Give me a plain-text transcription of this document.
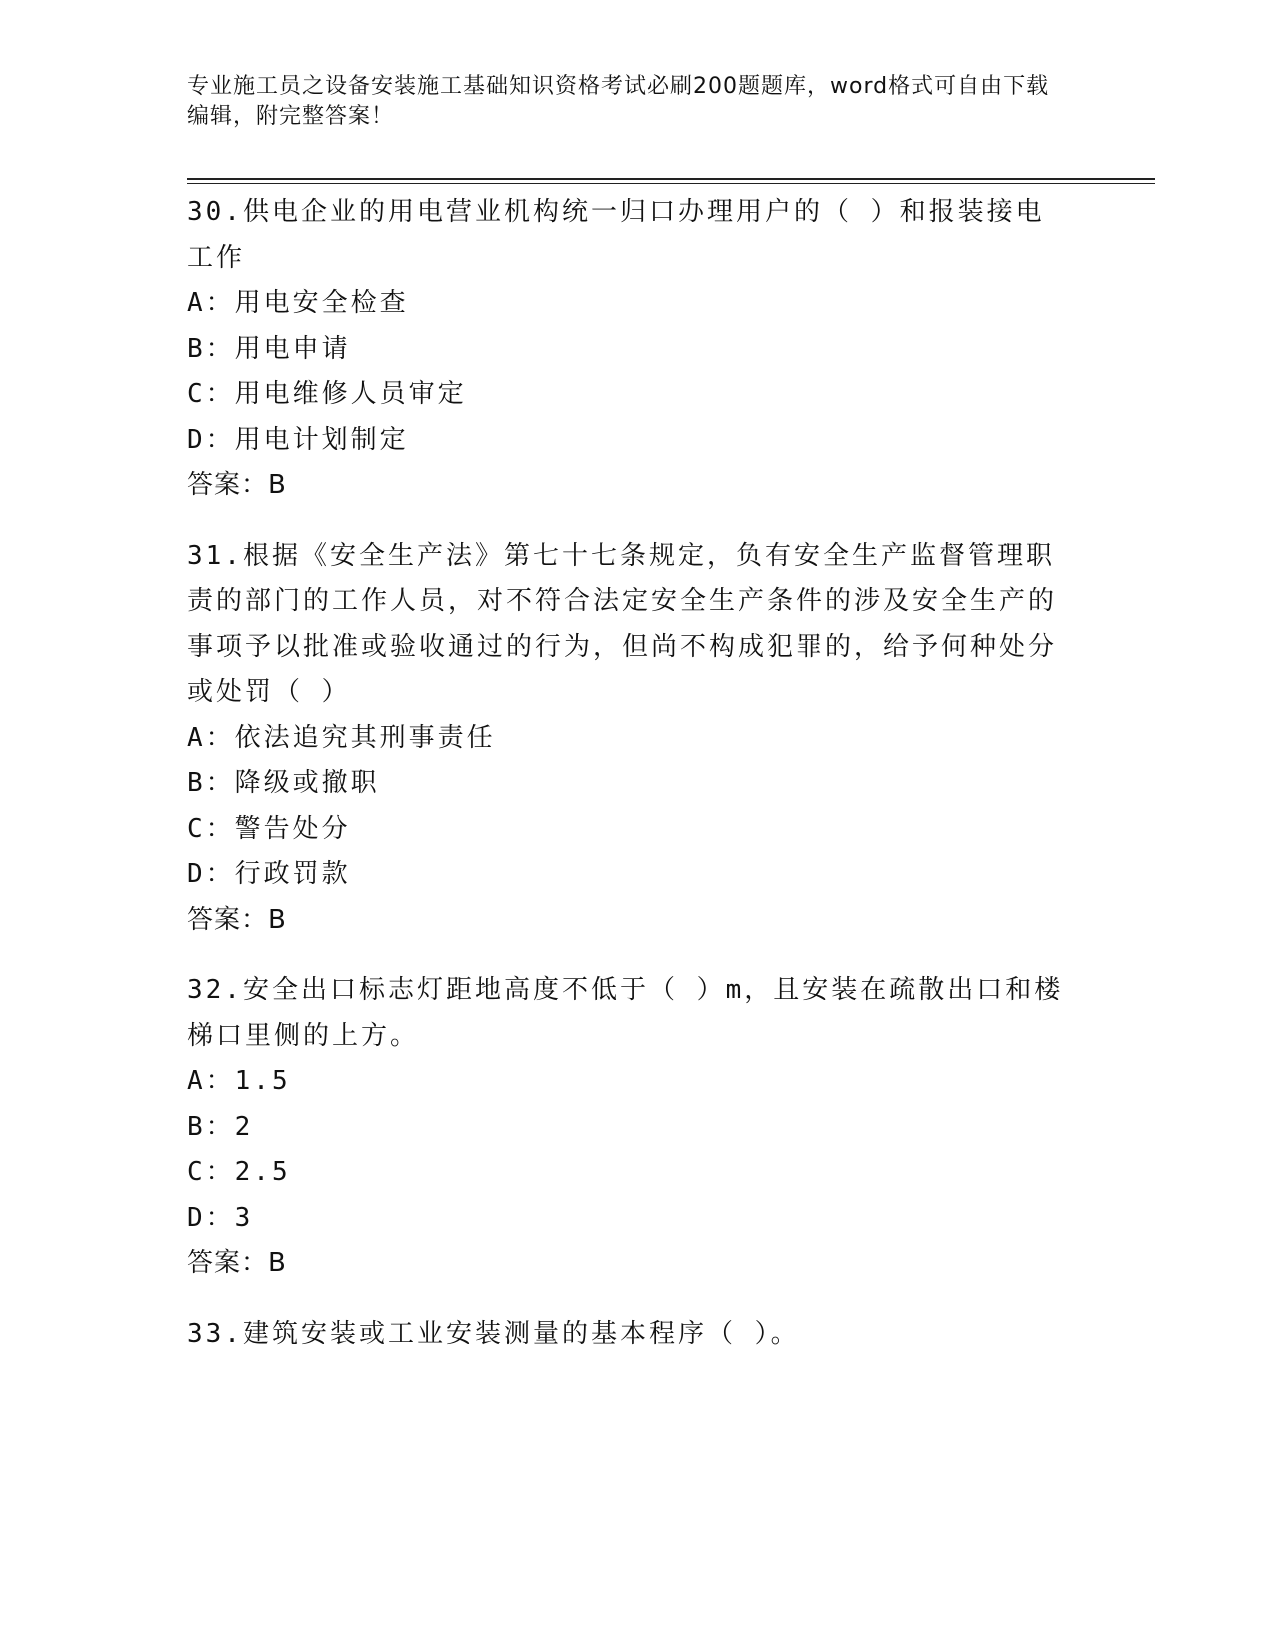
专业施工员之设备安装施工基础知识资格考试必刷200题题库，word格式可自由下载编辑，附完整答案！
30.供电企业的用电营业机构统一归口办理用户的（ ）和报装接电工作
A：用电安全检查
B：用电申请
C：用电维修人员审定
D：用电计划制定
答案：B
31.根据《安全生产法》第七十七条规定，负有安全生产监督管理职责的部门的工作人员，对不符合法定安全生产条件的涉及安全生产的事项予以批准或验收通过的行为，但尚不构成犯罪的，给予何种处分或处罚（ ）
A：依法追究其刑事责任
B：降级或撤职
C：警告处分
D：行政罚款
答案：B
32.安全出口标志灯距地高度不低于（ ）m，且安装在疏散出口和楼梯口里侧的上方。
A：1.5
B：2
C：2.5
D：3
答案：B
33.建筑安装或工业安装测量的基本程序（ ）。
